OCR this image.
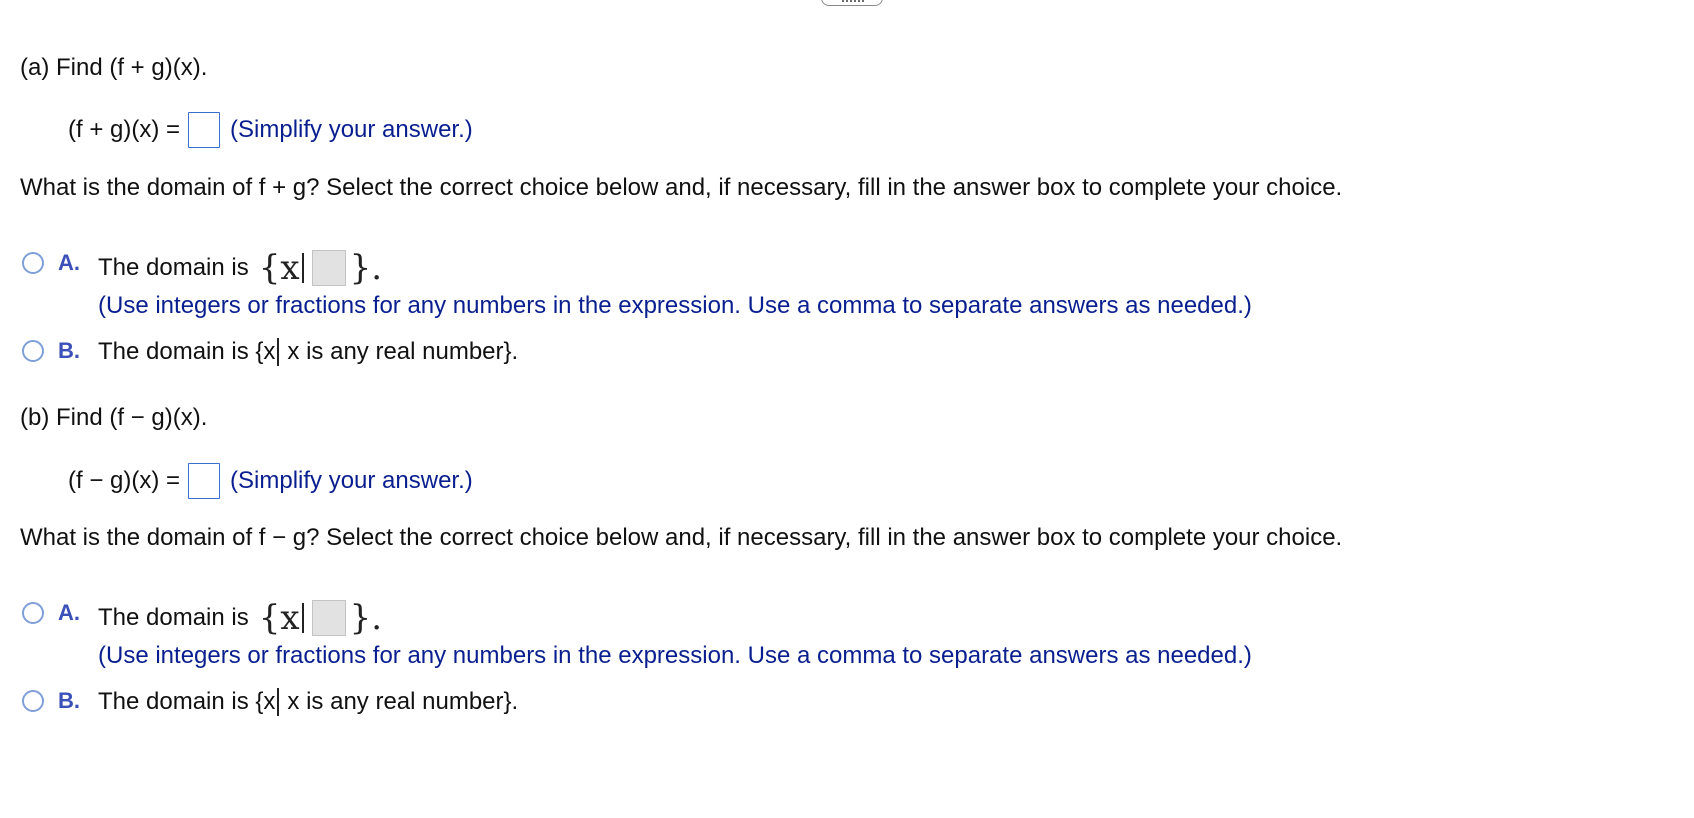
(a) Find (f + g)(x).
(f + g)(x) = (Simplify your answer.)
What is the domain of f + g? Select the correct choice below and, if necessary, fill in the answer box to complete your choice.
A. The domain is {x }.
(Use integers or fractions for any numbers in the expression. Use a comma to separate answers as needed.)
B. The domain is {x x is any real number}.
(b) Find (f − g)(x).
(f − g)(x) = (Simplify your answer.)
What is the domain of f − g? Select the correct choice below and, if necessary, fill in the answer box to complete your choice.
A. The domain is {x }.
(Use integers or fractions for any numbers in the expression. Use a comma to separate answers as needed.)
B. The domain is {x x is any real number}.
